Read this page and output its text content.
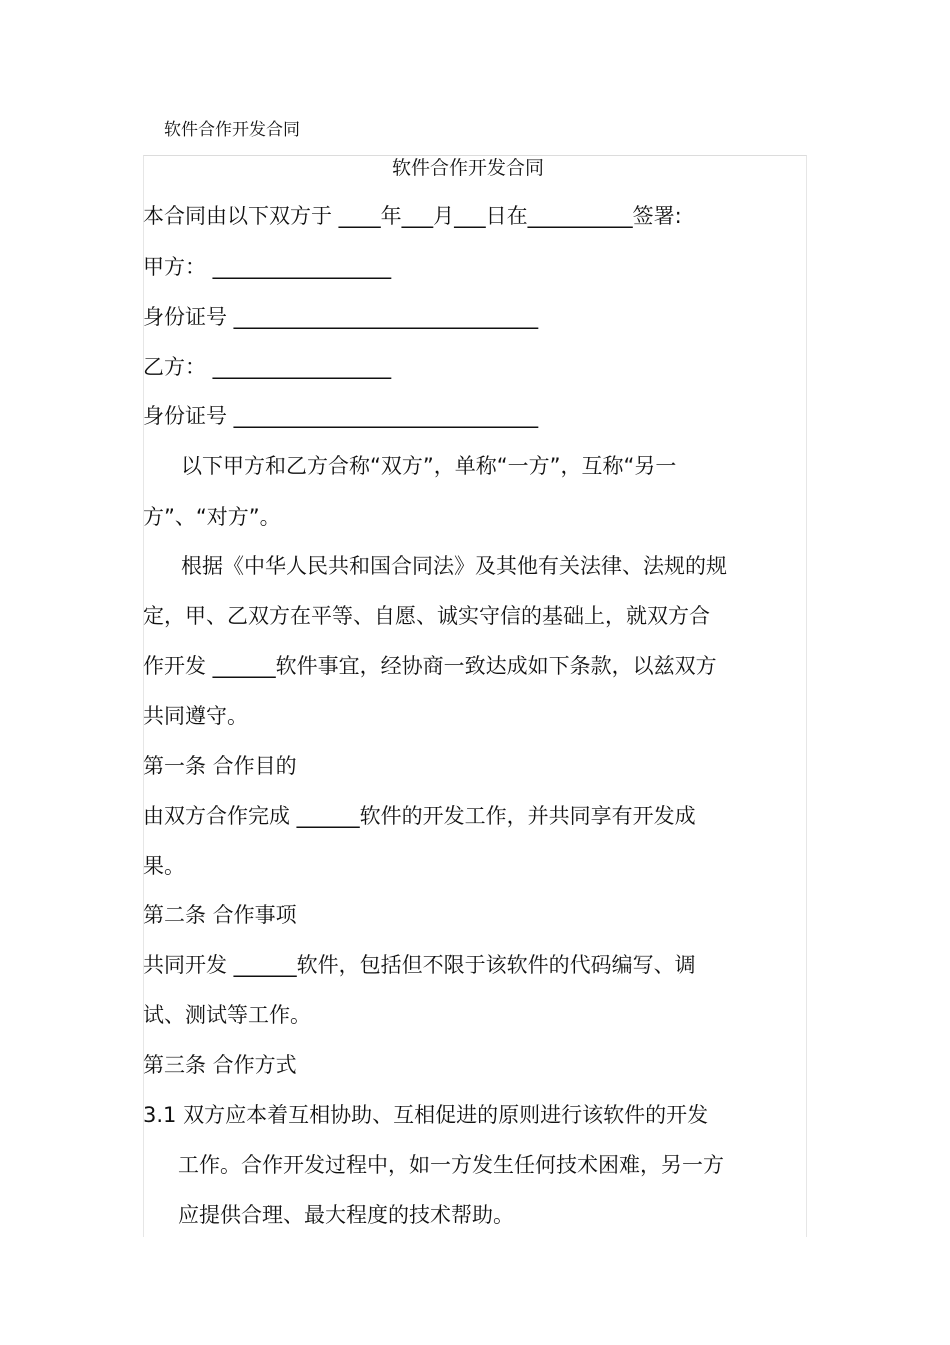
软件合作开发合同
软件合作开发合同
本合同由以下双方于 ____年___月___日在__________签署:
甲方： _________________
身份证号 _____________________________
乙方： _________________
身份证号 _____________________________
以下甲方和乙方合称“双方”，单称“一方”，互称“另一
方”、“对方”。
根据《中华人民共和国合同法》及其他有关法律、法规的规
定，甲、乙双方在平等、自愿、诚实守信的基础上，就双方合
作开发 ______软件事宜，经协商一致达成如下条款，以兹双方
共同遵守。
第一条 合作目的
由双方合作完成 ______软件的开发工作，并共同享有开发成
果。
第二条 合作事项
共同开发 ______软件，包括但不限于该软件的代码编写、调
试、测试等工作。
第三条 合作方式
3.1 双方应本着互相协助、互相促进的原则进行该软件的开发
工作。合作开发过程中，如一方发生任何技术困难，另一方
应提供合理、最大程度的技术帮助。
